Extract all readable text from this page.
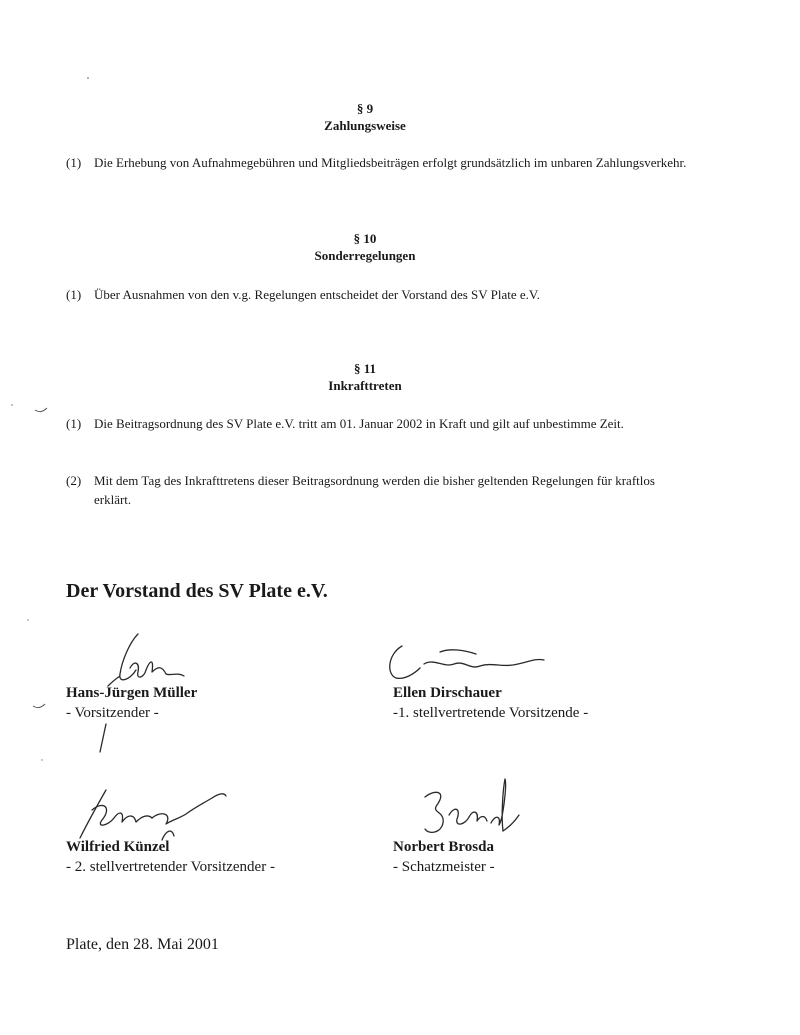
§ 9
Zahlungsweise
(1) Die Erhebung von Aufnahmegebühren und Mitgliedsbeiträgen erfolgt grundsätzlich im unbaren Zahlungsverkehr.
§ 10
Sonderregelungen
(1) Über Ausnahmen von den v.g. Regelungen entscheidet der Vorstand des SV Plate e.V.
§ 11
Inkrafttreten
(1) Die Beitragsordnung des SV Plate e.V. tritt am 01. Januar 2002 in Kraft und gilt auf unbestimme Zeit.
(2) Mit dem Tag des Inkrafttretens dieser Beitragsordnung werden die bisher geltenden Regelungen für kraftlos erklärt.
Der Vorstand des SV Plate e.V.
Hans-Jürgen Müller
- Vorsitzender -
Ellen Dirschauer
-1. stellvertretende Vorsitzende -
Wilfried Künzel
- 2. stellvertretender Vorsitzender -
Norbert Brosda
- Schatzmeister -
Plate, den 28. Mai 2001
